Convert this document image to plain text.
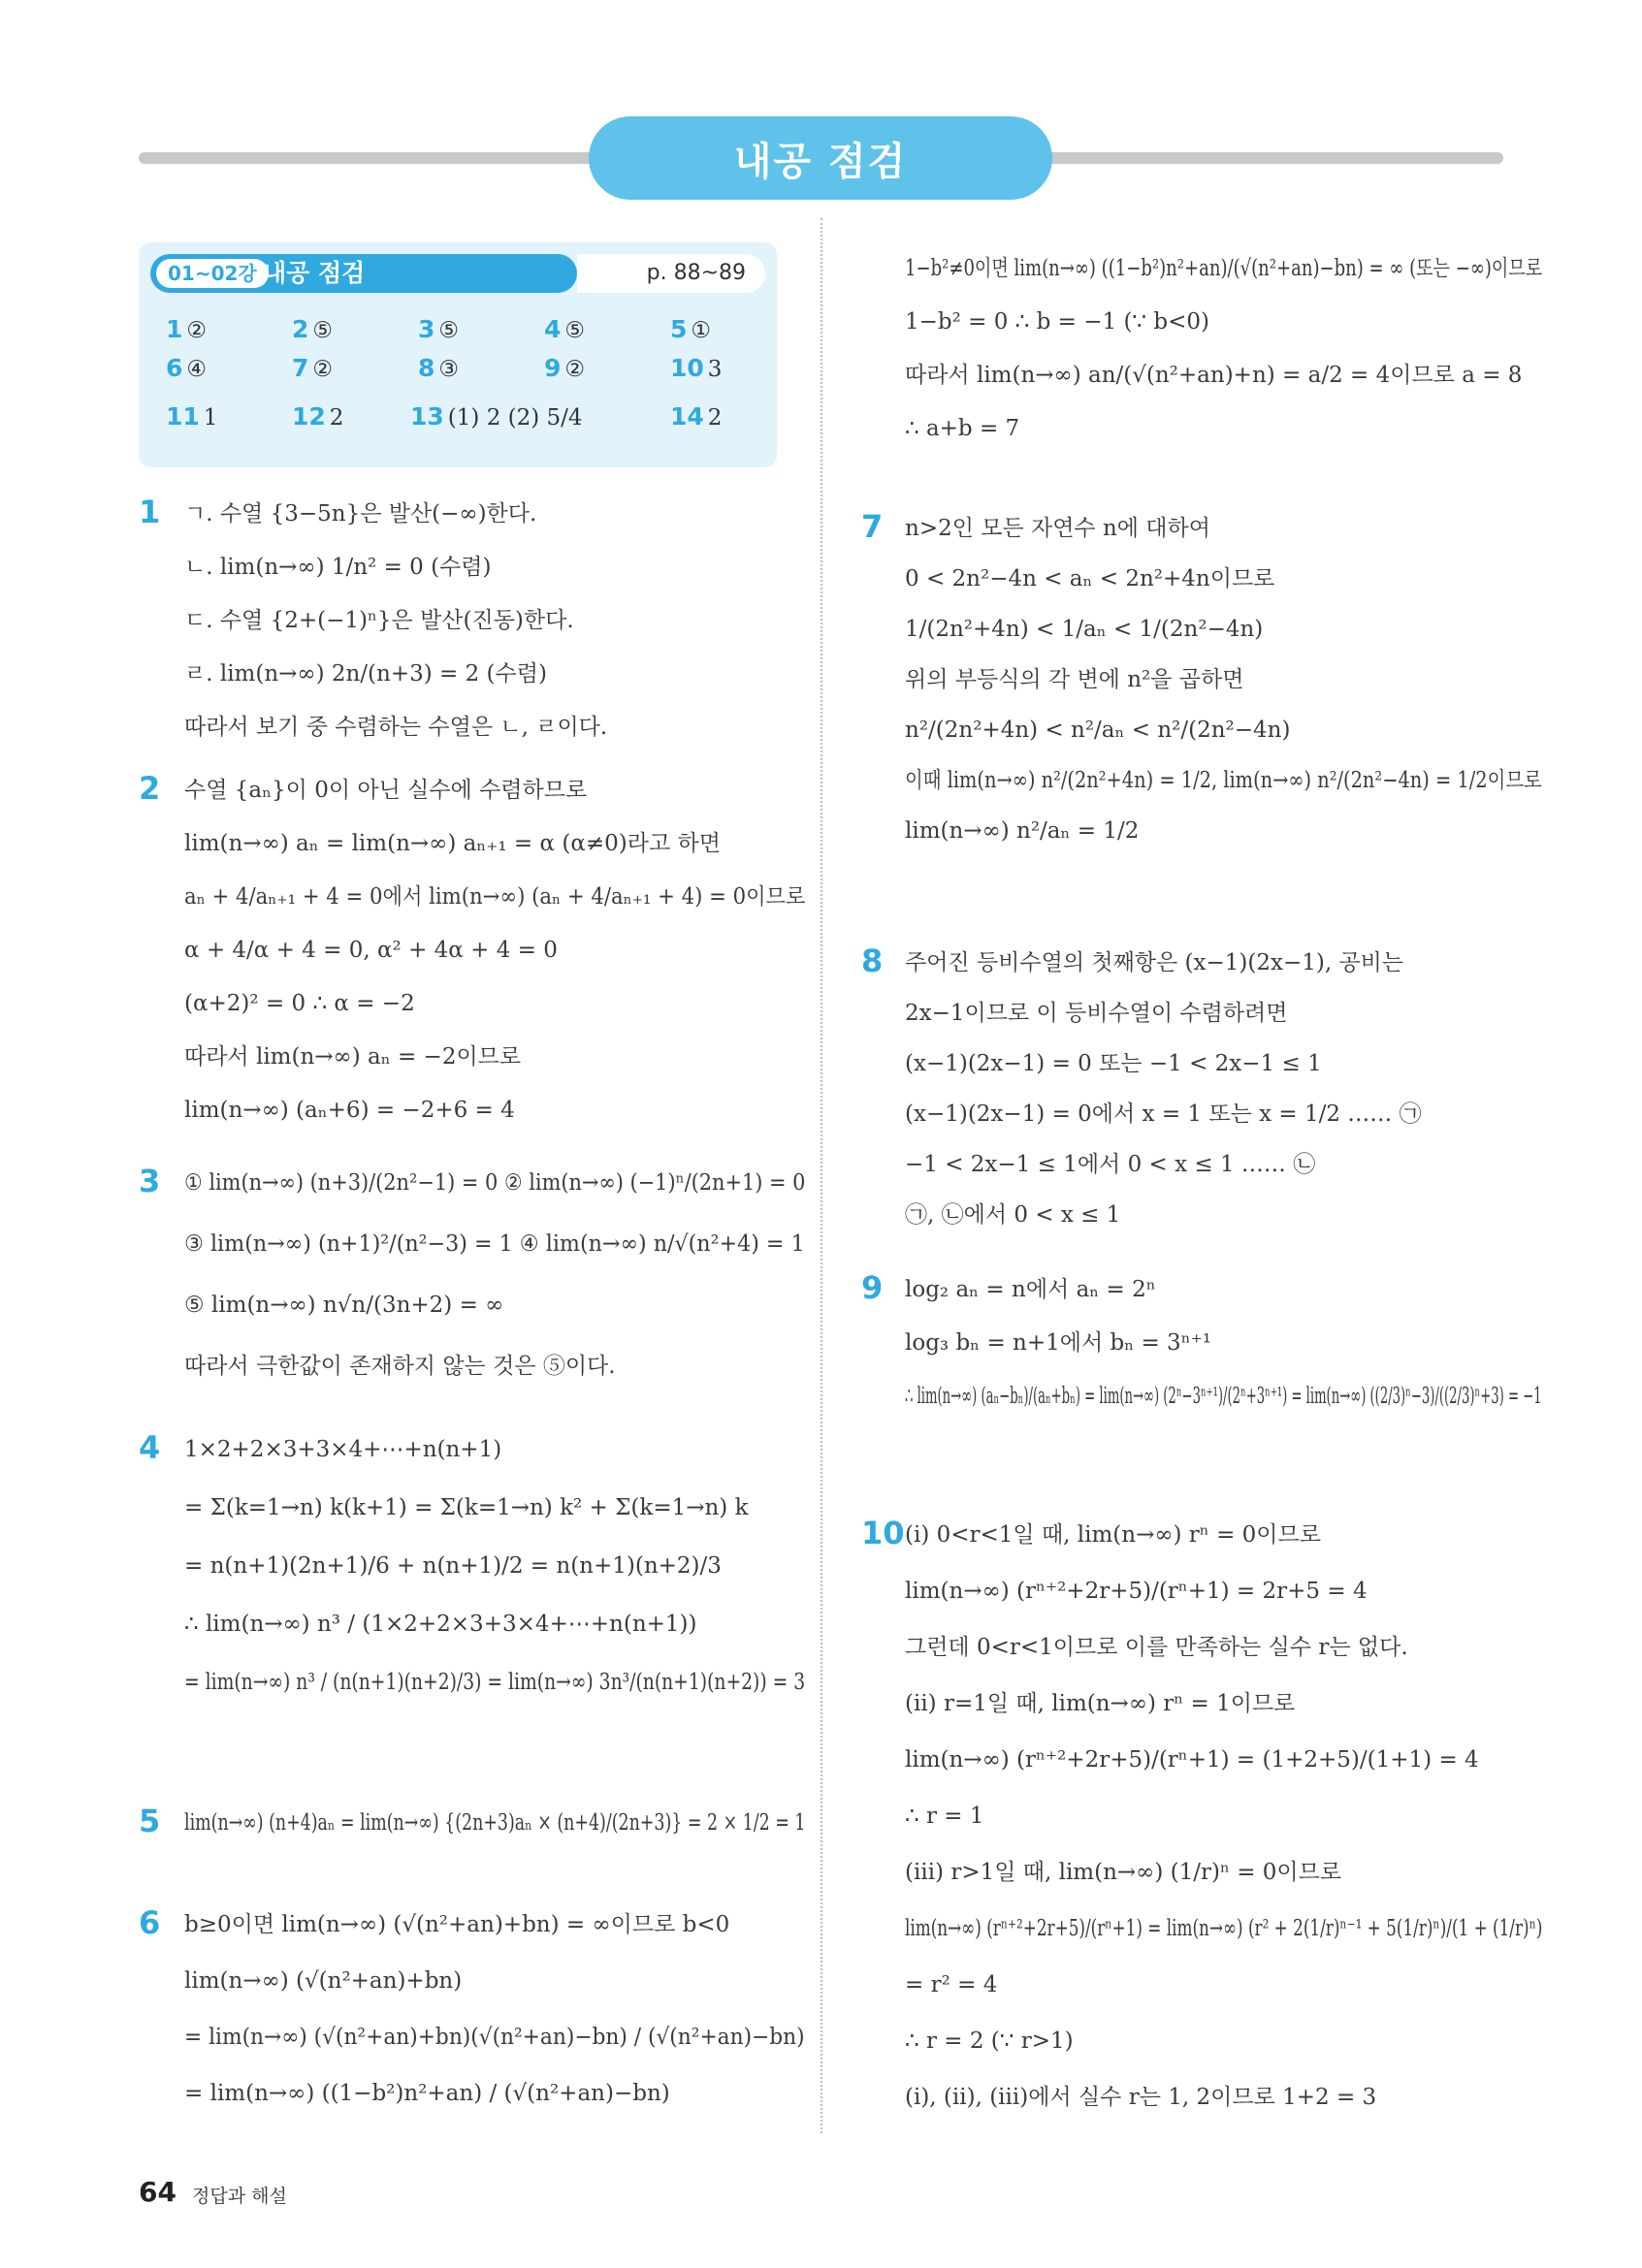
내공 점검
01~02강 내공 점검	p. 88~89
1 ②	2 ⑤	3 ⑤	4 ⑤	5 ①
6 ④	7 ②	8 ③	9 ②	10 3
11 1	12 2	13 (1) 2 (2) 5/4	14 2
1 ㄱ. 수열 {3−5n}은 발산(−∞)한다.
ㄴ. lim(n→∞) 1/n² = 0 (수렴)
ㄷ. 수열 {2+(−1)ⁿ}은 발산(진동)한다.
ㄹ. lim(n→∞) 2n/(n+3) = 2 (수렴)
따라서 보기 중 수렴하는 수열은 ㄴ, ㄹ이다.
2 수열 {aₙ}이 0이 아닌 실수에 수렴하므로
lim(n→∞) aₙ = lim(n→∞) aₙ₊₁ = α (α≠0)라고 하면
aₙ + 4/aₙ₊₁ + 4 = 0에서 lim(n→∞) (aₙ + 4/aₙ₊₁ + 4) = 0이므로
α + 4/α + 4 = 0, α² + 4α + 4 = 0
(α+2)² = 0 ∴ α = −2
따라서 lim(n→∞) aₙ = −2이므로
lim(n→∞) (aₙ+6) = −2+6 = 4
3 ① lim(n→∞) (n+3)/(2n²−1) = 0 ② lim(n→∞) (−1)ⁿ/(2n+1) = 0
③ lim(n→∞) (n+1)²/(n²−3) = 1 ④ lim(n→∞) n/√(n²+4) = 1
⑤ lim(n→∞) n√n/(3n+2) = ∞
따라서 극한값이 존재하지 않는 것은 ⑤이다.
4 1×2+2×3+3×4+⋯+n(n+1)
= Σ(k=1→n) k(k+1) = Σ(k=1→n) k² + Σ(k=1→n) k
= n(n+1)(2n+1)/6 + n(n+1)/2 = n(n+1)(n+2)/3
∴ lim(n→∞) n³ / (1×2+2×3+3×4+⋯+n(n+1))
= lim(n→∞) n³ / (n(n+1)(n+2)/3) = lim(n→∞) 3n³/(n(n+1)(n+2)) = 3
5 lim(n→∞) (n+4)aₙ = lim(n→∞) {(2n+3)aₙ × (n+4)/(2n+3)} = 2 × 1/2 = 1
6 b≥0이면 lim(n→∞) (√(n²+an)+bn) = ∞이므로 b<0
lim(n→∞) (√(n²+an)+bn)
= lim(n→∞) (√(n²+an)+bn)(√(n²+an)−bn) / (√(n²+an)−bn)
= lim(n→∞) ((1−b²)n²+an) / (√(n²+an)−bn)
1−b²≠0이면 lim(n→∞) ((1−b²)n²+an)/(√(n²+an)−bn) = ∞ (또는 −∞)이므로
1−b² = 0 ∴ b = −1 (∵ b<0)
따라서 lim(n→∞) an/(√(n²+an)+n) = a/2 = 4이므로 a = 8
∴ a+b = 7
7 n>2인 모든 자연수 n에 대하여
0 < 2n²−4n < aₙ < 2n²+4n이므로
1/(2n²+4n) < 1/aₙ < 1/(2n²−4n)
위의 부등식의 각 변에 n²을 곱하면
n²/(2n²+4n) < n²/aₙ < n²/(2n²−4n)
이때 lim(n→∞) n²/(2n²+4n) = 1/2, lim(n→∞) n²/(2n²−4n) = 1/2이므로
lim(n→∞) n²/aₙ = 1/2
8 주어진 등비수열의 첫째항은 (x−1)(2x−1), 공비는
2x−1이므로 이 등비수열이 수렴하려면
(x−1)(2x−1) = 0 또는 −1 < 2x−1 ≤ 1
(x−1)(2x−1) = 0에서 x = 1 또는 x = 1/2 …… ㉠
−1 < 2x−1 ≤ 1에서 0 < x ≤ 1 …… ㉡
㉠, ㉡에서 0 < x ≤ 1
9 log₂ aₙ = n에서 aₙ = 2ⁿ
log₃ bₙ = n+1에서 bₙ = 3ⁿ⁺¹
∴ lim(n→∞) (aₙ−bₙ)/(aₙ+bₙ) = lim(n→∞) (2ⁿ−3ⁿ⁺¹)/(2ⁿ+3ⁿ⁺¹) = lim(n→∞) ((2/3)ⁿ−3)/((2/3)ⁿ+3) = −1
10 (ⅰ) 0<r<1일 때, lim(n→∞) rⁿ = 0이므로
lim(n→∞) (rⁿ⁺²+2r+5)/(rⁿ+1) = 2r+5 = 4
그런데 0<r<1이므로 이를 만족하는 실수 r는 없다.
(ⅱ) r=1일 때, lim(n→∞) rⁿ = 1이므로
lim(n→∞) (rⁿ⁺²+2r+5)/(rⁿ+1) = (1+2+5)/(1+1) = 4
∴ r = 1
(ⅲ) r>1일 때, lim(n→∞) (1/r)ⁿ = 0이므로
lim(n→∞) (rⁿ⁺²+2r+5)/(rⁿ+1) = lim(n→∞) (r² + 2(1/r)ⁿ⁻¹ + 5(1/r)ⁿ)/(1 + (1/r)ⁿ)
= r² = 4
∴ r = 2 (∵ r>1)
(ⅰ), (ⅱ), (ⅲ)에서 실수 r는 1, 2이므로 1+2 = 3
64 정답과 해설
